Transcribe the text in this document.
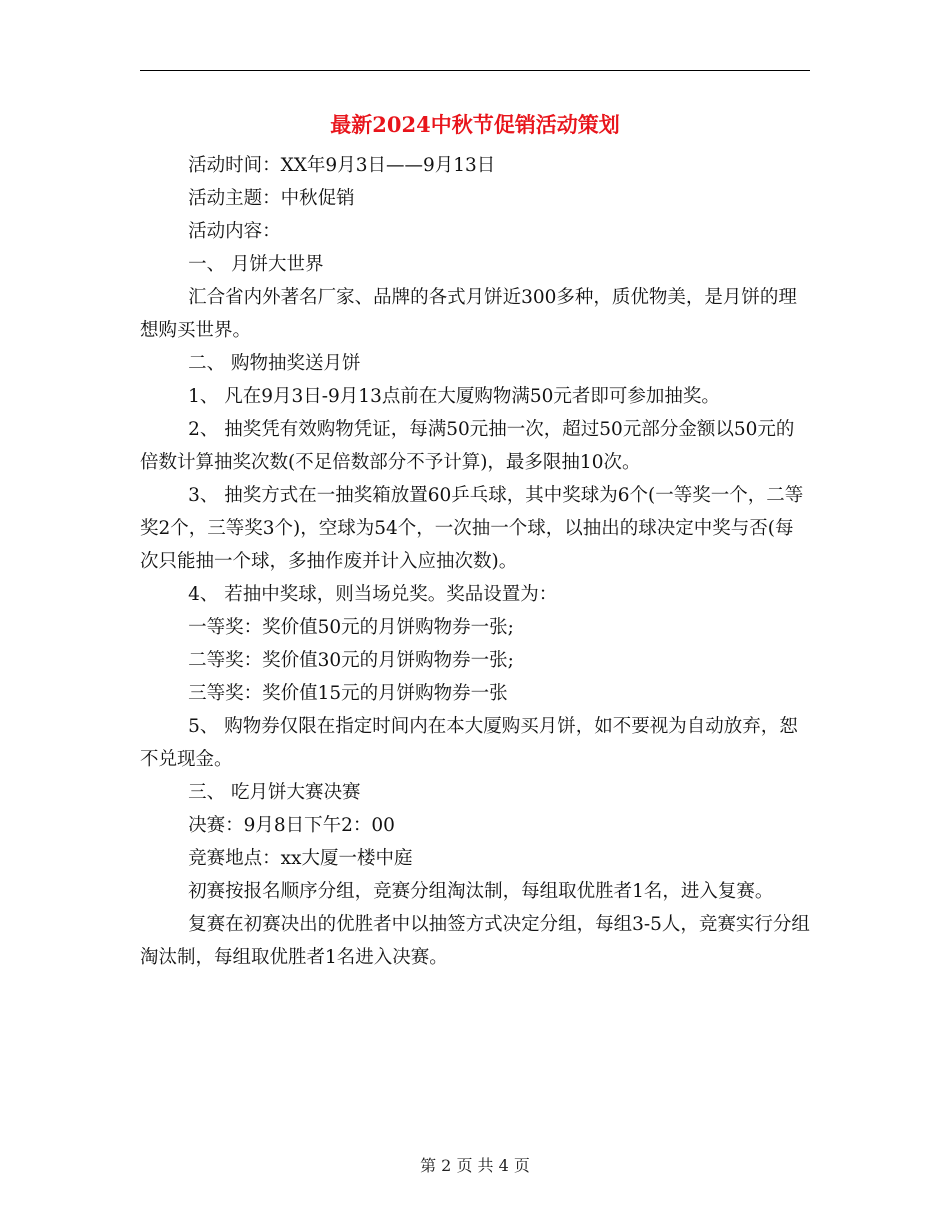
最新2024中秋节促销活动策划

活动时间：XX年9月3日——9月13日

活动主题：中秋促销

活动内容：

一、 月饼大世界

汇合省内外著名厂家、品牌的各式月饼近300多种，质优物美，是月饼的理想购买世界。

二、 购物抽奖送月饼

1、 凡在9月3日-9月13点前在大厦购物满50元者即可参加抽奖。

2、 抽奖凭有效购物凭证，每满50元抽一次，超过50元部分金额以50元的倍数计算抽奖次数(不足倍数部分不予计算)，最多限抽10次。

3、 抽奖方式在一抽奖箱放置60乒乓球，其中奖球为6个(一等奖一个，二等奖2个，三等奖3个)，空球为54个，一次抽一个球，以抽出的球决定中奖与否(每次只能抽一个球，多抽作废并计入应抽次数)。

4、 若抽中奖球，则当场兑奖。奖品设置为：

一等奖：奖价值50元的月饼购物券一张;

二等奖：奖价值30元的月饼购物券一张;

三等奖：奖价值15元的月饼购物券一张

5、 购物券仅限在指定时间内在本大厦购买月饼，如不要视为自动放弃，恕不兑现金。

三、 吃月饼大赛决赛

决赛：9月8日下午2：00

竞赛地点：xx大厦一楼中庭

初赛按报名顺序分组，竞赛分组淘汰制，每组取优胜者1名，进入复赛。

复赛在初赛决出的优胜者中以抽签方式决定分组，每组3-5人，竞赛实行分组淘汰制，每组取优胜者1名进入决赛。

第 2 页 共 4 页
